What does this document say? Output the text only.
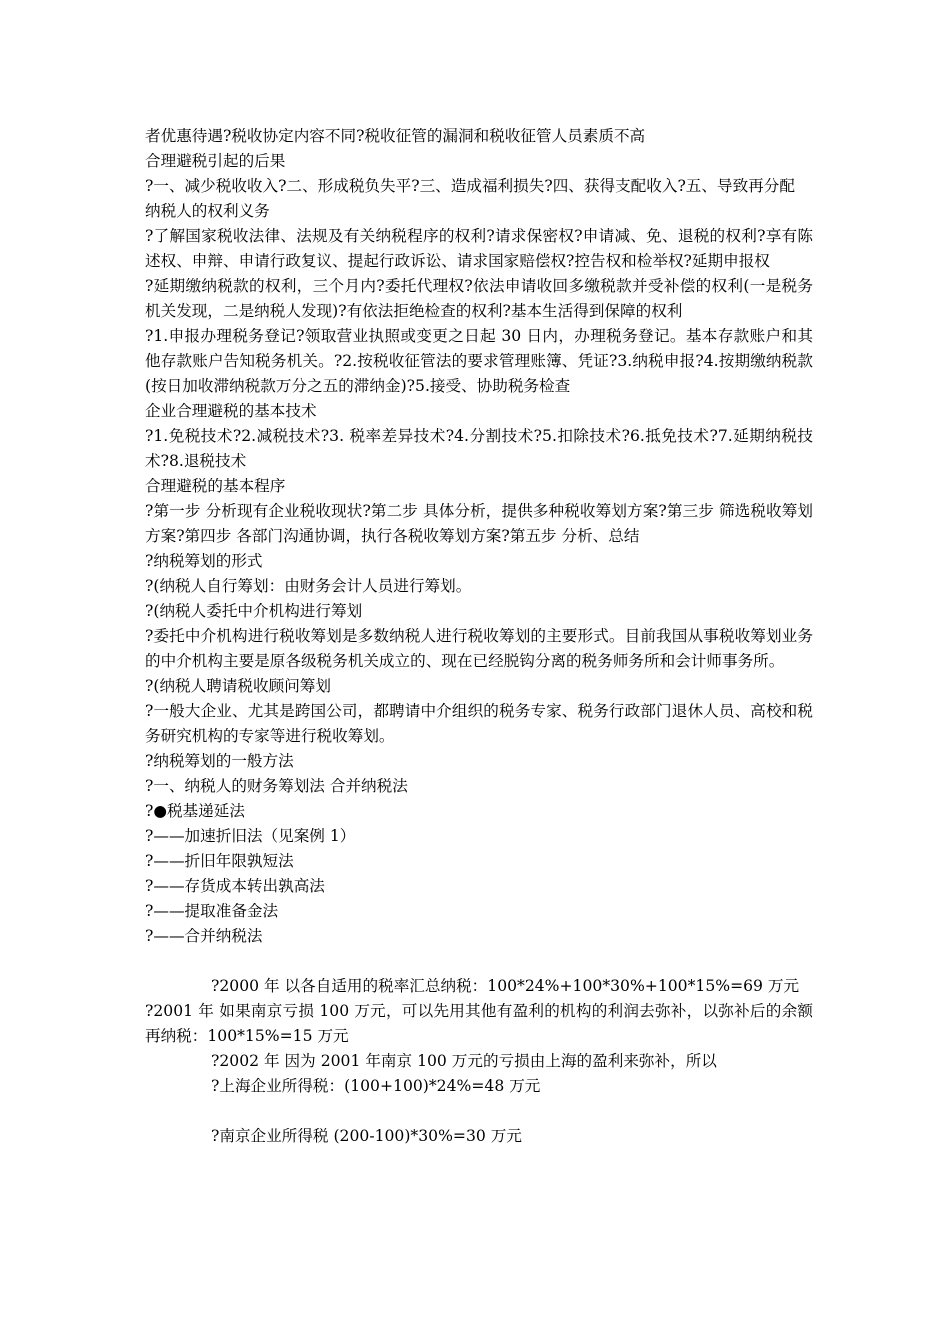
者优惠待遇?税收协定内容不同?税收征管的漏洞和税收征管人员素质不高

合理避税引起的后果

?一、减少税收收入?二、形成税负失平?三、造成福利损失?四、获得支配收入?五、导致再分配

纳税人的权利义务

?了解国家税收法律、法规及有关纳税程序的权利?请求保密权?申请减、免、退税的权利?享有陈述权、申辩、申请行政复议、提起行政诉讼、请求国家赔偿权?控告权和检举权?延期申报权

?延期缴纳税款的权利，三个月内?委托代理权?依法申请收回多缴税款并受补偿的权利(一是税务机关发现，二是纳税人发现)?有依法拒绝检查的权利?基本生活得到保障的权利

?1.申报办理税务登记?领取营业执照或变更之日起 30 日内，办理税务登记。基本存款账户和其他存款账户告知税务机关。?2.按税收征管法的要求管理账簿、凭证?3.纳税申报?4.按期缴纳税款(按日加收滞纳税款万分之五的滞纳金)?5.接受、协助税务检查

企业合理避税的基本技术

?1.免税技术?2.减税技术?3. 税率差异技术?4.分割技术?5.扣除技术?6.抵免技术?7.延期纳税技术?8.退税技术

合理避税的基本程序

?第一步 分析现有企业税收现状?第二步 具体分析，提供多种税收筹划方案?第三步 筛选税收筹划方案?第四步 各部门沟通协调，执行各税收筹划方案?第五步 分析、总结

?纳税筹划的形式

?(纳税人自行筹划：由财务会计人员进行筹划。

?(纳税人委托中介机构进行筹划

?委托中介机构进行税收筹划是多数纳税人进行税收筹划的主要形式。目前我国从事税收筹划业务的中介机构主要是原各级税务机关成立的、现在已经脱钩分离的税务师务所和会计师事务所。

?(纳税人聘请税收顾问筹划

?一般大企业、尤其是跨国公司，都聘请中介组织的税务专家、税务行政部门退休人员、高校和税务研究机构的专家等进行税收筹划。

?纳税筹划的一般方法

?一、纳税人的财务筹划法 合并纳税法

?●税基递延法

?——加速折旧法（见案例 1）

?——折旧年限孰短法

?——存货成本转出孰高法

?——提取准备金法

?——合并纳税法

?2000 年 以各自适用的税率汇总纳税：100*24%+100*30%+100*15%=69 万元

?2001 年 如果南京亏损 100 万元，可以先用其他有盈利的机构的利润去弥补，以弥补后的余额再纳税：100*15%=15 万元

?2002 年 因为 2001 年南京 100 万元的亏损由上海的盈利来弥补，所以

?上海企业所得税：(100+100)*24%=48 万元

?南京企业所得税 (200-100)*30%=30 万元
